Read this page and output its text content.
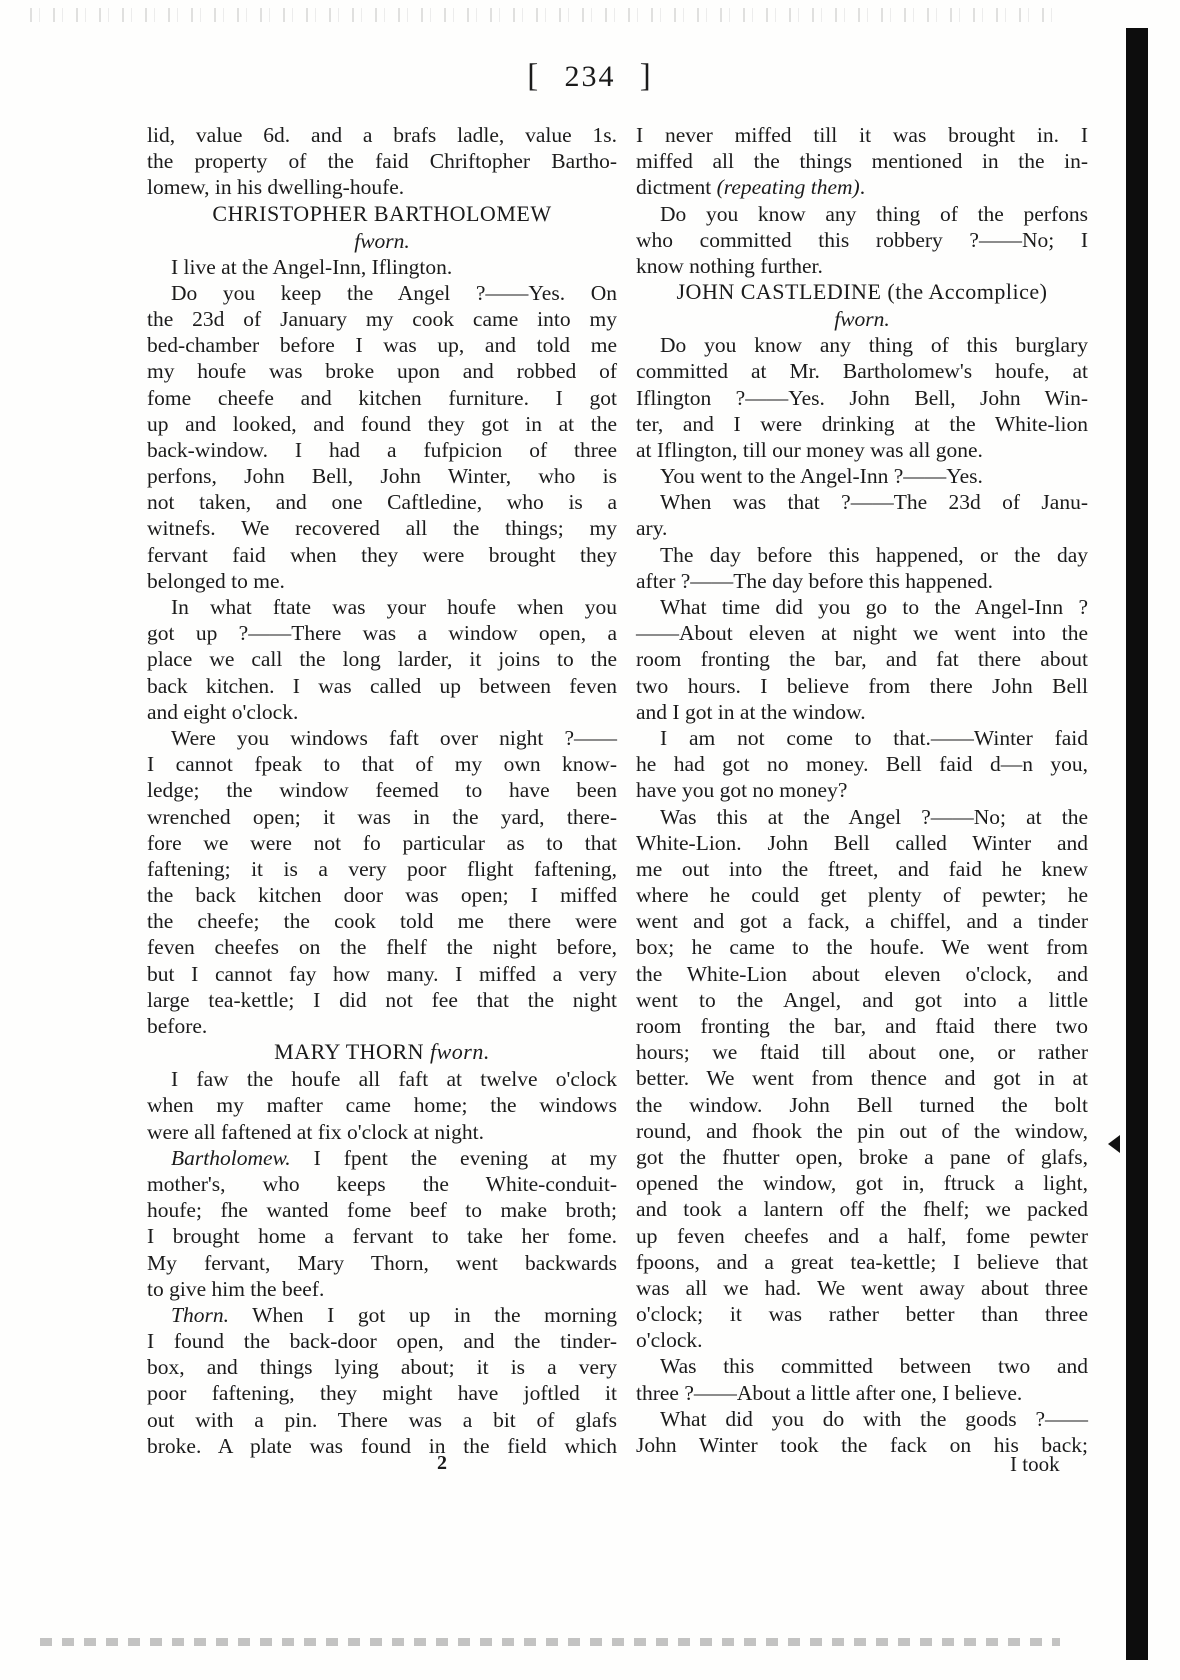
[ 234 ]
lid, value 6d. and a brafs ladle, value 1s.
the property of the faid Chriftopher Bartho-
lomew, in his dwelling-houfe.
CHRISTOPHER BARTHOLOMEW
fworn.
I live at the Angel-Inn, Iflington.
Do you keep the Angel ?——Yes. On
the 23d of January my cook came into my
bed-chamber before I was up, and told me
my houfe was broke upon and robbed of
fome cheefe and kitchen furniture. I got
up and looked, and found they got in at the
back-window. I had a fufpicion of three
perfons, John Bell, John Winter, who is
not taken, and one Caftledine, who is a
witnefs. We recovered all the things; my
fervant faid when they were brought they
belonged to me.
In what ftate was your houfe when you
got up ?——There was a window open, a
place we call the long larder, it joins to the
back kitchen. I was called up between feven
and eight o'clock.
Were you windows faft over night ?——
I cannot fpeak to that of my own know-
ledge; the window feemed to have been
wrenched open; it was in the yard, there-
fore we were not fo particular as to that
faftening; it is a very poor flight faftening,
the back kitchen door was open; I miffed
the cheefe; the cook told me there were
feven cheefes on the fhelf the night before,
but I cannot fay how many. I miffed a very
large tea-kettle; I did not fee that the night
before.
MARY THORN fworn.
I faw the houfe all faft at twelve o'clock
when my mafter came home; the windows
were all faftened at fix o'clock at night.
Bartholomew. I fpent the evening at my
mother's, who keeps the White-conduit-
houfe; fhe wanted fome beef to make broth;
I brought home a fervant to take her fome.
My fervant, Mary Thorn, went backwards
to give him the beef.
Thorn. When I got up in the morning
I found the back-door open, and the tinder-
box, and things lying about; it is a very
poor faftening, they might have joftled it
out with a pin. There was a bit of glafs
broke. A plate was found in the field which
I never miffed till it was brought in. I
miffed all the things mentioned in the in-
dictment (repeating them).
Do you know any thing of the perfons
who committed this robbery ?——No; I
know nothing further.
JOHN CASTLEDINE (the Accomplice)
fworn.
Do you know any thing of this burglary
committed at Mr. Bartholomew's houfe, at
Iflington ?——Yes. John Bell, John Win-
ter, and I were drinking at the White-lion
at Iflington, till our money was all gone.
You went to the Angel-Inn ?——Yes.
When was that ?——The 23d of Janu-
ary.
The day before this happened, or the day
after ?——The day before this happened.
What time did you go to the Angel-Inn ?
——About eleven at night we went into the
room fronting the bar, and fat there about
two hours. I believe from there John Bell
and I got in at the window.
I am not come to that.——Winter faid
he had got no money. Bell faid d—n you,
have you got no money?
Was this at the Angel ?——No; at the
White-Lion. John Bell called Winter and
me out into the ftreet, and faid he knew
where he could get plenty of pewter; he
went and got a fack, a chiffel, and a tinder
box; he came to the houfe. We went from
the White-Lion about eleven o'clock, and
went to the Angel, and got into a little
room fronting the bar, and ftaid there two
hours; we ftaid till about one, or rather
better. We went from thence and got in at
the window. John Bell turned the bolt
round, and fhook the pin out of the window,
got the fhutter open, broke a pane of glafs,
opened the window, got in, ftruck a light,
and took a lantern off the fhelf; we packed
up feven cheefes and a half, fome pewter
fpoons, and a great tea-kettle; I believe that
was all we had. We went away about three
o'clock; it was rather better than three
o'clock.
Was this committed between two and
three ?——About a little after one, I believe.
What did you do with the goods ?——
John Winter took the fack on his back;
2	I took
